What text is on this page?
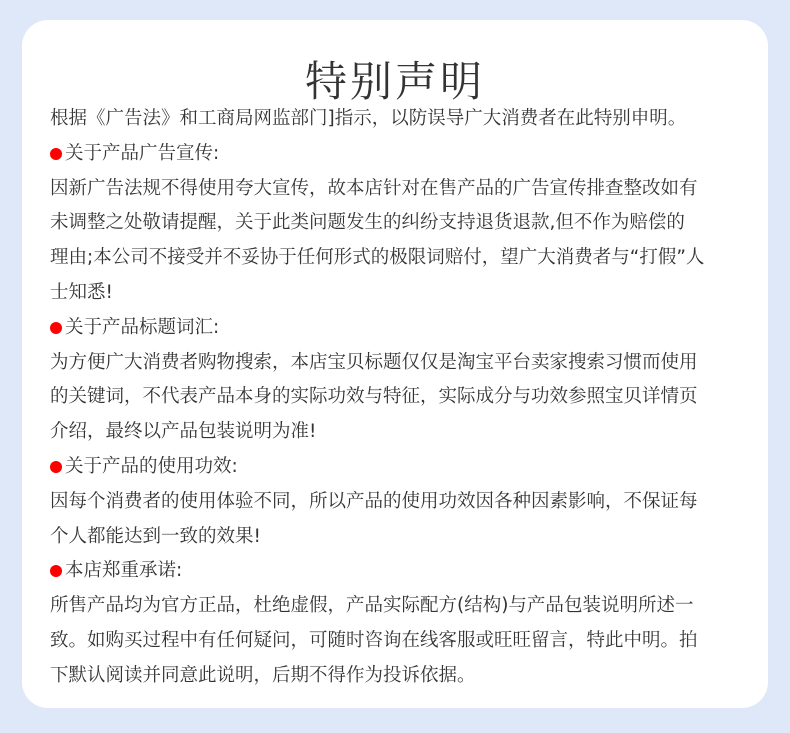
特别声明
根据《广告法》和工商局网监部门]指示，以防误导广大消费者在此特别申明。
关于产品广告宣传:
因新广告法规不得使用夸大宣传，故本店针对在售产品的广告宣传排查整改如有
未调整之处敬请提醒，关于此类问题发生的纠纷支持退货退款,但不作为赔偿的
理由;本公司不接受并不妥协于任何形式的极限词赔付，望广大消费者与“打假”人
士知悉!
关于产品标题词汇:
为方便广大消费者购物搜索，本店宝贝标题仅仅是淘宝平台卖家搜索习惯而使用
的关键词，不代表产品本身的实际功效与特征，实际成分与功效参照宝贝详情页
介绍，最终以产品包装说明为准!
关于产品的使用功效:
因每个消费者的使用体验不同，所以产品的使用功效因各种因素影响，不保证每
个人都能达到一致的效果!
本店郑重承诺:
所售产品均为官方正品，杜绝虚假，产品实际配方(结构)与产品包装说明所述一
致。如购买过程中有任何疑问，可随时咨询在线客服或旺旺留言，特此中明。拍
下默认阅读并同意此说明，后期不得作为投诉依据。
